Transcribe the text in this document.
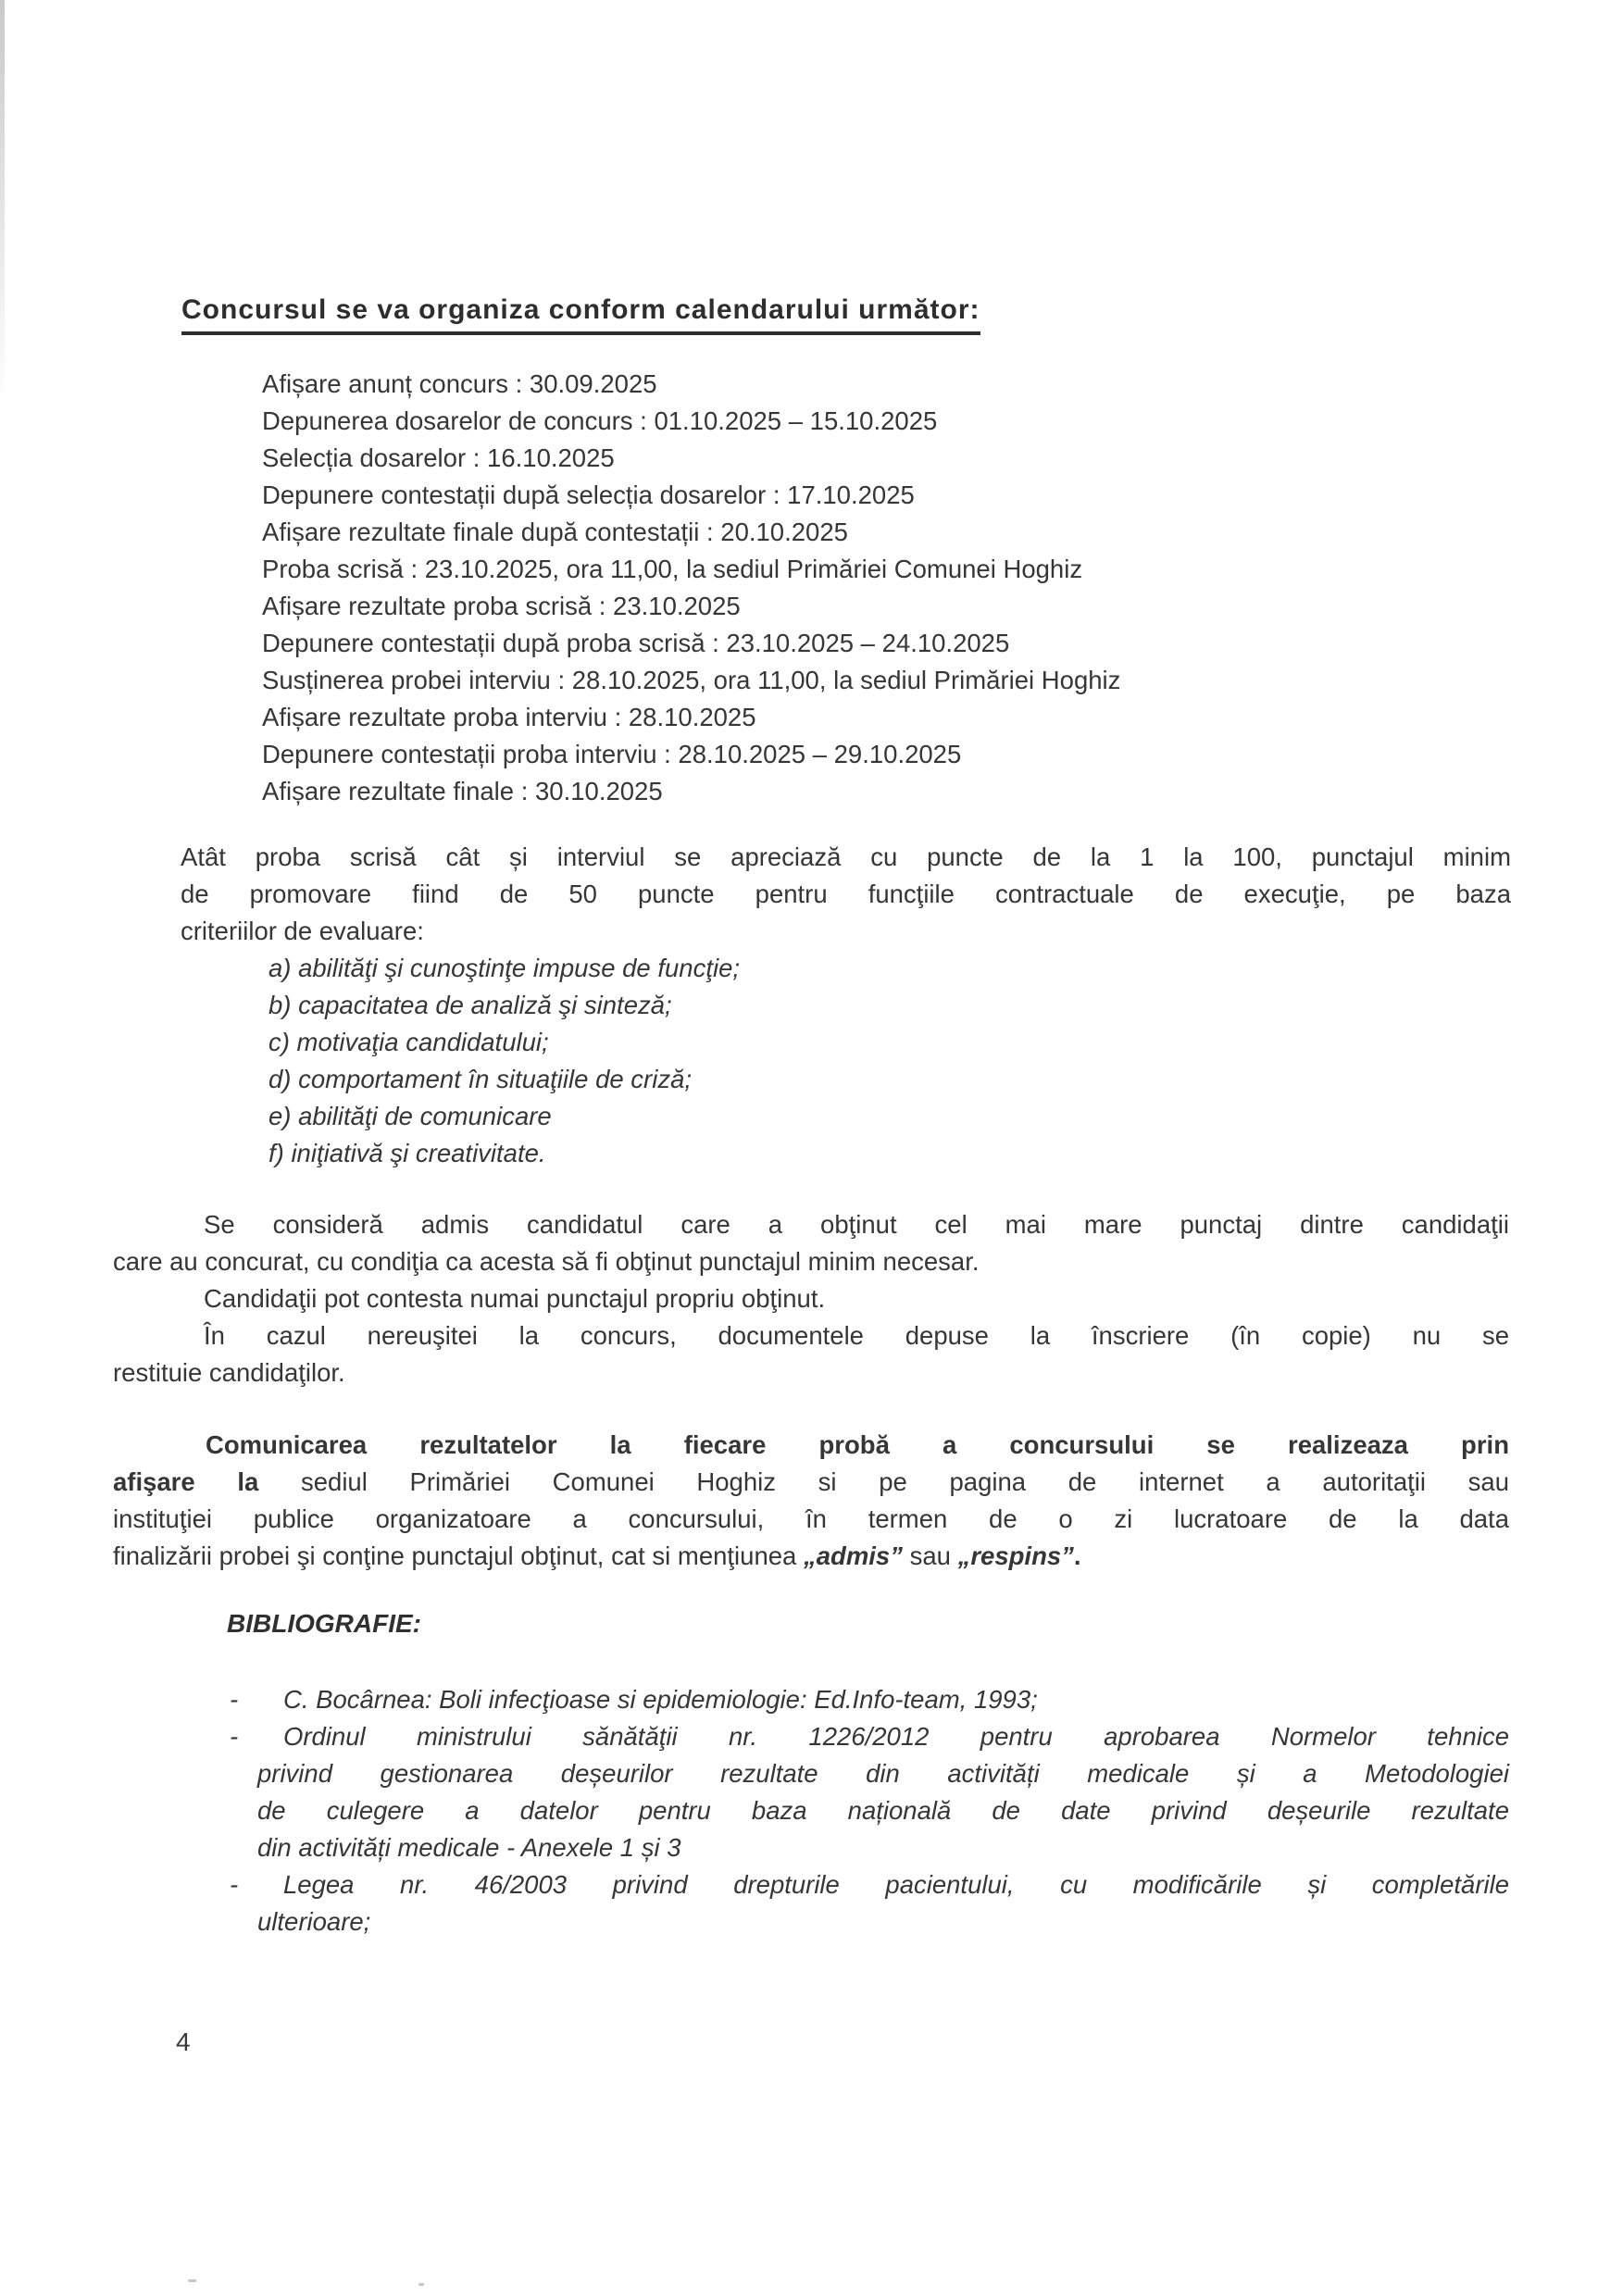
Concursul se va organiza conform calendarului următor:
Afișare anunț concurs : 30.09.2025
Depunerea dosarelor de concurs : 01.10.2025 – 15.10.2025
Selecția dosarelor : 16.10.2025
Depunere contestații după selecția dosarelor : 17.10.2025
Afișare rezultate finale după contestații : 20.10.2025
Proba scrisă : 23.10.2025, ora 11,00, la sediul Primăriei Comunei Hoghiz
Afișare rezultate proba scrisă : 23.10.2025
Depunere contestații după proba scrisă : 23.10.2025 – 24.10.2025
Susținerea probei interviu : 28.10.2025, ora 11,00, la sediul Primăriei Hoghiz
Afișare rezultate proba interviu : 28.10.2025
Depunere contestații proba interviu : 28.10.2025 – 29.10.2025
Afișare rezultate finale : 30.10.2025
Atât proba scrisă cât și interviul se apreciază cu puncte de la 1 la 100, punctajul minim
de promovare fiind de 50 puncte pentru funcţiile contractuale de execuţie, pe baza
criteriilor de evaluare:
a) abilităţi şi cunoştinţe impuse de funcţie;
b) capacitatea de analiză şi sinteză;
c) motivaţia candidatului;
d) comportament în situaţiile de criză;
e) abilităţi de comunicare
f) iniţiativă şi creativitate.
Se consideră admis candidatul care a obţinut cel mai mare punctaj dintre candidaţii
care au concurat, cu condiţia ca acesta să fi obţinut punctajul minim necesar.
Candidaţii pot contesta numai punctajul propriu obţinut.
În cazul nereuşitei la concurs, documentele depuse la înscriere (în copie) nu se
restituie candidaţilor.
Comunicarea rezultatelor la fiecare probă a concursului se realizeaza prin
afişare la sediul Primăriei Comunei Hoghiz si pe pagina de internet a autoritaţii sau
instituţiei publice organizatoare a concursului, în termen de o zi lucratoare de la data
finalizării probei şi conţine punctajul obţinut, cat si menţiunea „admis” sau „respins”.
BIBLIOGRAFIE:
-	C. Bocârnea: Boli infecţioase si epidemiologie: Ed.Info-team, 1993;
-	Ordinul ministrului sănătăţii nr. 1226/2012 pentru aprobarea Normelor tehnice
privind gestionarea deșeurilor rezultate din activități medicale și a Metodologiei
de culegere a datelor pentru baza națională de date privind deșeurile rezultate
din activități medicale - Anexele 1 și 3
-	Legea nr. 46/2003 privind drepturile pacientului, cu modificările și completările
ulterioare;
4
